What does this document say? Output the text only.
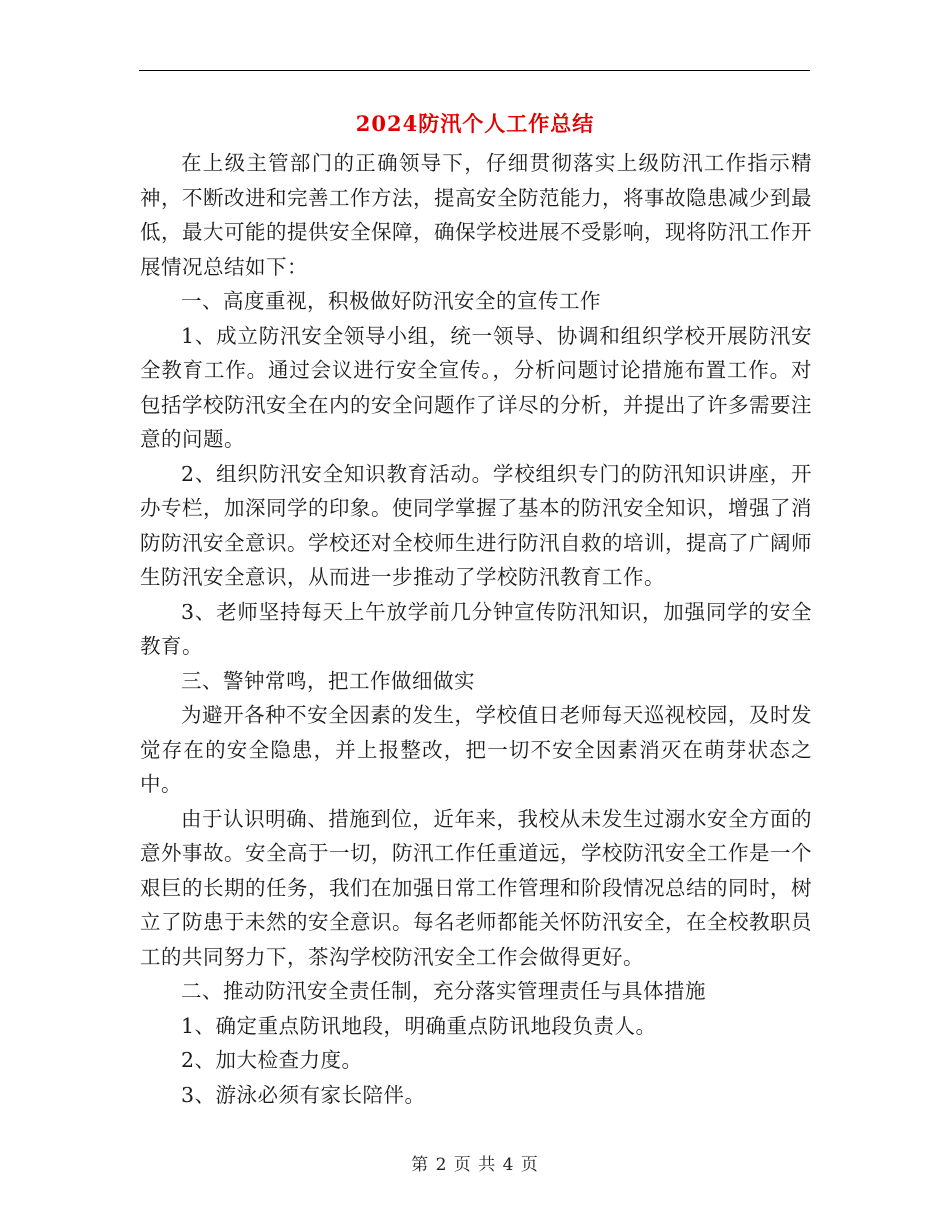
2024防汛个人工作总结

在上级主管部门的正确领导下，仔细贯彻落实上级防汛工作指示精神，不断改进和完善工作方法，提高安全防范能力，将事故隐患减少到最低，最大可能的提供安全保障，确保学校进展不受影响，现将防汛工作开展情况总结如下：

一、高度重视，积极做好防汛安全的宣传工作

1、成立防汛安全领导小组，统一领导、协调和组织学校开展防汛安全教育工作。通过会议进行安全宣传。，分析问题讨论措施布置工作。对包括学校防汛安全在内的安全问题作了详尽的分析，并提出了许多需要注意的问题。

2、组织防汛安全知识教育活动。学校组织专门的防汛知识讲座，开办专栏，加深同学的印象。使同学掌握了基本的防汛安全知识，增强了消防防汛安全意识。学校还对全校师生进行防汛自救的培训，提高了广阔师生防汛安全意识，从而进一步推动了学校防汛教育工作。

3、老师坚持每天上午放学前几分钟宣传防汛知识，加强同学的安全教育。

三、警钟常鸣，把工作做细做实

为避开各种不安全因素的发生，学校值日老师每天巡视校园，及时发觉存在的安全隐患，并上报整改，把一切不安全因素消灭在萌芽状态之中。

由于认识明确、措施到位，近年来，我校从未发生过溺水安全方面的意外事故。安全高于一切，防汛工作任重道远，学校防汛安全工作是一个艰巨的长期的任务，我们在加强日常工作管理和阶段情况总结的同时，树立了防患于未然的安全意识。每名老师都能关怀防汛安全，在全校教职员工的共同努力下，茶沟学校防汛安全工作会做得更好。

二、推动防汛安全责任制，充分落实管理责任与具体措施

1、确定重点防讯地段，明确重点防讯地段负责人。

2、加大检查力度。

3、游泳必须有家长陪伴。

第 2 页 共 4 页
